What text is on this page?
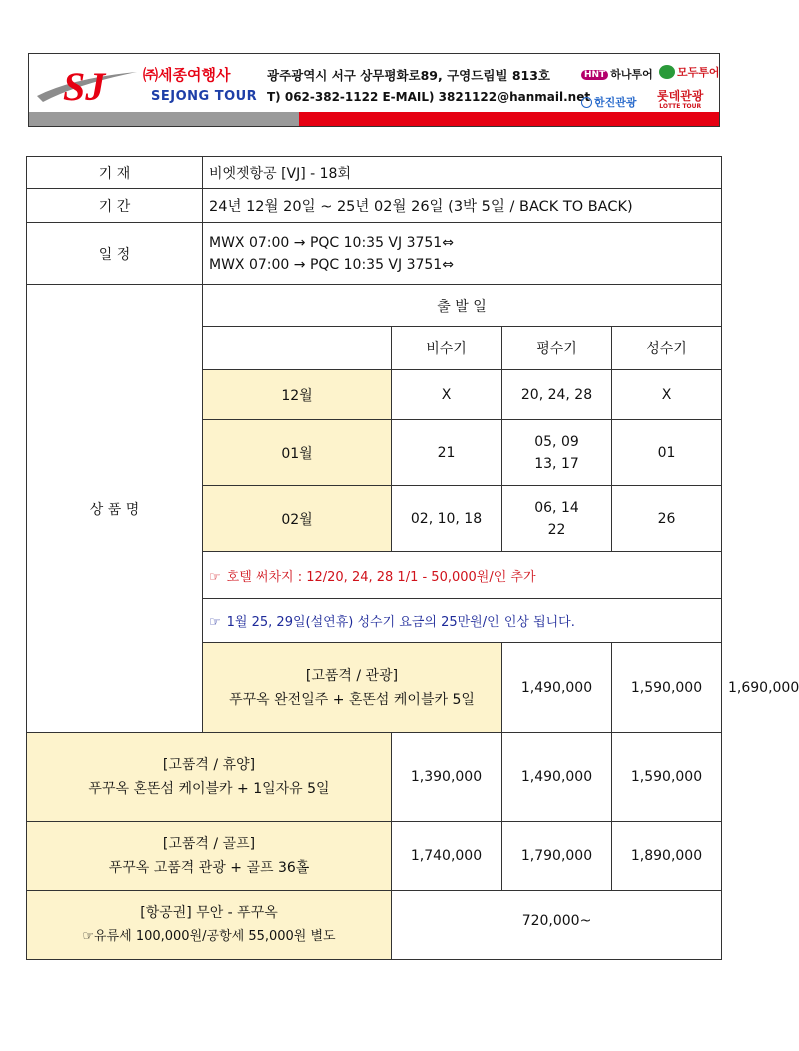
SJ	㈜세종여행사
SEJONG TOUR
광주광역시 서구 상무평화로89, 구영드림빌 813호
T) 062-382-1122 E-MAIL) 3821122@hanmail.net
HNT 하나투어	모두투어
한진관광 롯데관광
LOTTE TOUR
기 재	비엣젯항공 [VJ] - 18회				
기 간	24년 12월 20일 ~ 25년 02월 26일 (3박 5일 / BACK TO BACK)				
일 정	MWX 07:00 → PQC 10:35 VJ 3751⇔
MWX 07:00 → PQC 10:35 VJ 3751⇔				

상 품 명	출 발 일				
		비수기	평수기	성수기	
	12월	X	20, 24, 28	X	
	01월	21	05, 09
13, 17	01	
	02월	02, 10, 18	06, 14
22	26	
	☞ 호텔 써차지 : 12/20, 24, 28 1/1 - 50,000원/인 추가				
	☞ 1월 25, 29일(설연휴) 성수기 요금의 25만원/인 인상 됩니다.				

	[고품격 / 관광]
푸꾸옥 완전일주 + 혼똔섬 케이블카 5일		1,490,000	1,590,000	1,690,000

[고품격 / 휴양]
푸꾸옥 혼똔섬 케이블카 + 1일자유 5일		1,390,000	1,490,000	1,590,000	

[고품격 / 골프]
푸꾸옥 고품격 관광 + 골프 36홀		1,740,000	1,790,000	1,890,000	

[항공권] 무안 - 푸꾸옥
☞유류세 100,000원/공항세 55,000원 별도		720,000~			
